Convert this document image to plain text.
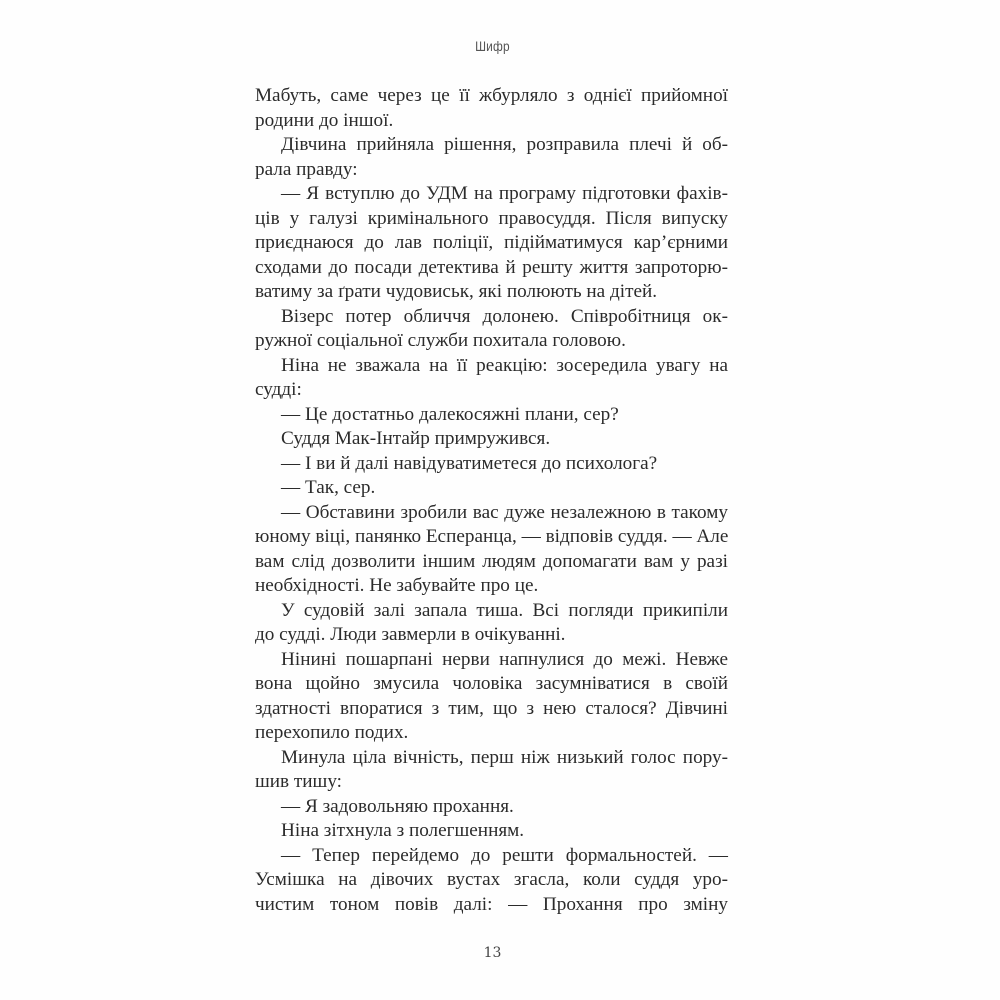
Шифр
Мабуть, саме через це її жбурляло з однієї прийомної
родини до іншої.
Дівчина прийняла рішення, розправила плечі й об-
рала правду:
— Я вступлю до УДМ на програму підготовки фахів-
ців у галузі кримінального правосуддя. Після випуску
приєднаюся до лав поліції, підійматимуся кар’єрними
сходами до посади детектива й решту життя запроторю-
ватиму за ґрати чудовиськ, які полюють на дітей.
Візерс потер обличчя долонею. Співробітниця ок-
ружної соціальної служби похитала головою.
Ніна не зважала на її реакцію: зосередила увагу на
судді:
— Це достатньо далекосяжні плани, сер?
Суддя Мак-Інтайр примружився.
— І ви й далі навідуватиметеся до психолога?
— Так, сер.
— Обставини зробили вас дуже незалежною в такому
юному віці, панянко Есперанца, — відповів суддя. — Але
вам слід дозволити іншим людям допомагати вам у разі
необхідності. Не забувайте про це.
У судовій залі запала тиша. Всі погляди прикипіли
до судді. Люди завмерли в очікуванні.
Нінині пошарпані нерви напнулися до межі. Невже
вона щойно змусила чоловіка засумніватися в своїй
здатності впоратися з тим, що з нею сталося? Дівчині
перехопило подих.
Минула ціла вічність, перш ніж низький голос пору-
шив тишу:
— Я задовольняю прохання.
Ніна зітхнула з полегшенням.
— Тепер перейдемо до решти формальностей. —
Усмішка на дівочих вустах згасла, коли суддя уро-
чистим тоном повів далі: — Прохання про зміну
13
